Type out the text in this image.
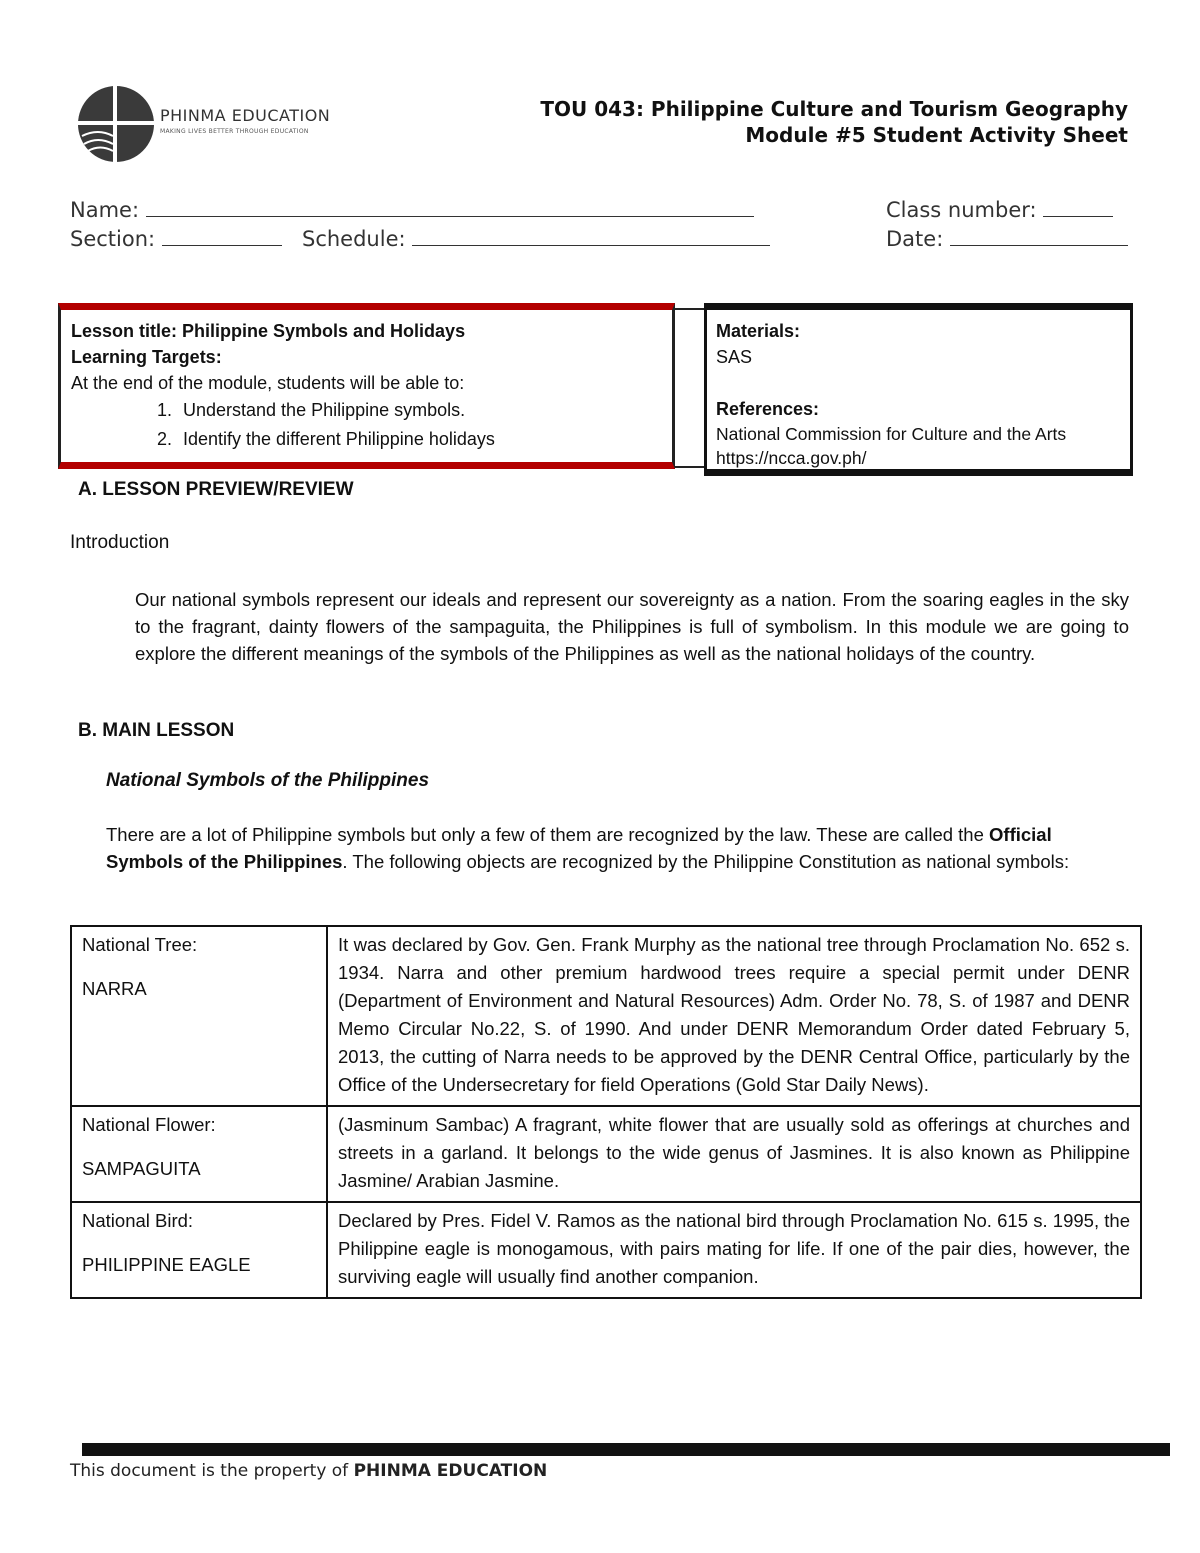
PHINMA EDUCATION
MAKING LIVES BETTER THROUGH EDUCATION
TOU 043: Philippine Culture and Tourism Geography
Module #5 Student Activity Sheet
Name:	Class number:
Section:	Schedule:	Date:
Lesson title: Philippine Symbols and Holidays
Learning Targets:
At the end of the module, students will be able to:
1. Understand the Philippine symbols.
2. Identify the different Philippine holidays
Materials:
SAS
References:
National Commission for Culture and the Arts
https://ncca.gov.ph/
A. LESSON PREVIEW/REVIEW
Introduction
Our national symbols represent our ideals and represent our sovereignty as a nation. From the soaring eagles in the sky to the fragrant, dainty flowers of the sampaguita, the Philippines is full of symbolism. In this module we are going to explore the different meanings of the symbols of the Philippines as well as the national holidays of the country.
B. MAIN LESSON
National Symbols of the Philippines
There are a lot of Philippine symbols but only a few of them are recognized by the law. These are called the Official Symbols of the Philippines. The following objects are recognized by the Philippine Constitution as national symbols:
National Tree:
NARRA	It was declared by Gov. Gen. Frank Murphy as the national tree through Proclamation No. 652 s. 1934. Narra and other premium hardwood trees require a special permit under DENR (Department of Environment and Natural Resources) Adm. Order No. 78, S. of 1987 and DENR Memo Circular No.22, S. of 1990. And under DENR Memorandum Order dated February 5, 2013, the cutting of Narra needs to be approved by the DENR Central Office, particularly by the Office of the Undersecretary for field Operations (Gold Star Daily News).

National Flower:
SAMPAGUITA	(Jasminum Sambac) A fragrant, white flower that are usually sold as offerings at churches and streets in a garland. It belongs to the wide genus of Jasmines. It is also known as Philippine Jasmine/ Arabian Jasmine.

National Bird:
PHILIPPINE EAGLE	Declared by Pres. Fidel V. Ramos as the national bird through Proclamation No. 615 s. 1995, the Philippine eagle is monogamous, with pairs mating for life. If one of the pair dies, however, the surviving eagle will usually find another companion.
This document is the property of PHINMA EDUCATION
